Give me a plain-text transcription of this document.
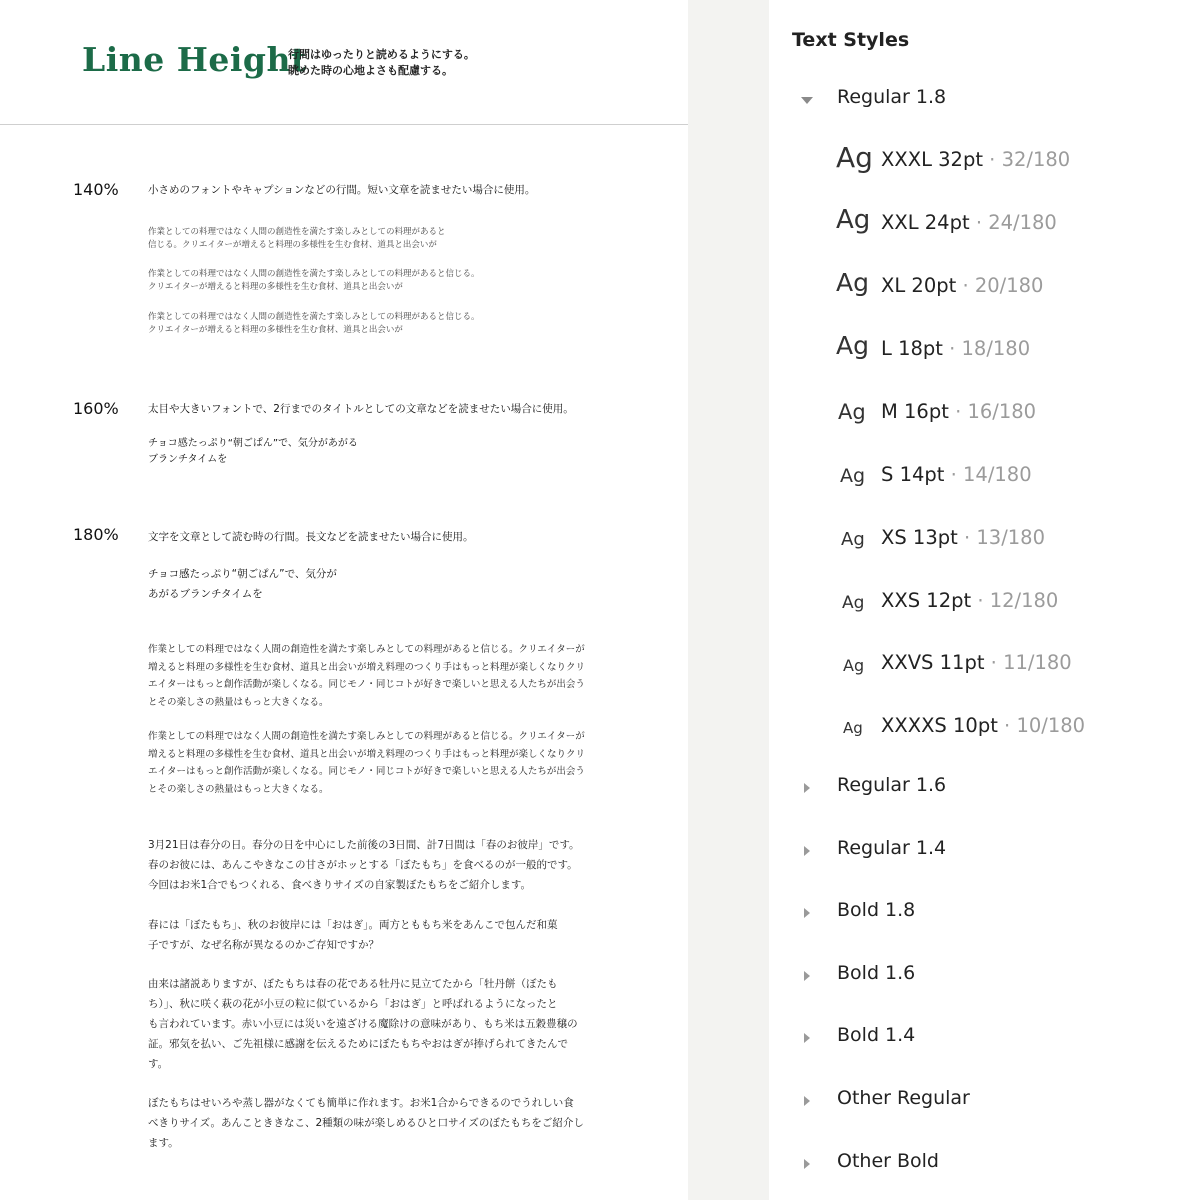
Line Height
行間はゆったりと読めるようにする。
眺めた時の心地よさも配慮する。
140%	小さめのフォントやキャプションなどの行間。短い文章を読ませたい場合に使用。
作業としての料理ではなく人間の創造性を満たす楽しみとしての料理があると
信じる。クリエイターが増えると料理の多様性を生む食材、道具と出会いが
作業としての料理ではなく人間の創造性を満たす楽しみとしての料理があると信じる。
クリエイターが増えると料理の多様性を生む食材、道具と出会いが
作業としての料理ではなく人間の創造性を満たす楽しみとしての料理があると信じる。
クリエイターが増えると料理の多様性を生む食材、道具と出会いが
160%	太目や大きいフォントで、2行までのタイトルとしての文章などを読ませたい場合に使用。
チョコ感たっぷり“朝ごぱん”で、気分があがる
ブランチタイムを
180%	文字を文章として読む時の行間。長文などを読ませたい場合に使用。
チョコ感たっぷり“朝ごぱん”で、気分が
あがるブランチタイムを
作業としての料理ではなく人間の創造性を満たす楽しみとしての料理があると信じる。クリエイターが
増えると料理の多様性を生む食材、道具と出会いが増え料理のつくり手はもっと料理が楽しくなりクリ
エイターはもっと創作活動が楽しくなる。同じモノ・同じコトが好きで楽しいと思える人たちが出会う
とその楽しさの熱量はもっと大きくなる。
作業としての料理ではなく人間の創造性を満たす楽しみとしての料理があると信じる。クリエイターが
増えると料理の多様性を生む食材、道具と出会いが増え料理のつくり手はもっと料理が楽しくなりクリ
エイターはもっと創作活動が楽しくなる。同じモノ・同じコトが好きで楽しいと思える人たちが出会う
とその楽しさの熱量はもっと大きくなる。
3月21日は春分の日。春分の日を中心にした前後の3日間、計7日間は「春のお彼岸」です。
春のお彼には、あんこやきなこの甘さがホッとする「ぼたもち」を食べるのが一般的です。
今回はお米1合でもつくれる、食べきりサイズの自家製ぼたもちをご紹介します。
春には「ぼたもち」、秋のお彼岸には「おはぎ」。両方とももち米をあんこで包んだ和菓
子ですが、なぜ名称が異なるのかご存知ですか？
由来は諸説ありますが、ぼたもちは春の花である牡丹に見立てたから「牡丹餅（ぼたも
ち）」、秋に咲く萩の花が小豆の粒に似ているから「おはぎ」と呼ばれるようになったと
も言われています。赤い小豆には災いを遠ざける魔除けの意味があり、もち米は五穀豊穣の
証。邪気を払い、ご先祖様に感謝を伝えるためにぼたもちやおはぎが捧げられてきたんで
す。
ぼたもちはせいろや蒸し器がなくても簡単に作れます。お米1合からできるのでうれしい食
べきりサイズ。あんことききなこ、2種類の味が楽しめるひと口サイズのぼたもちをご紹介し
ます。
Text Styles
Regular 1.8
Ag XXXL 32pt · 32/180
Ag XXL 24pt · 24/180
Ag XL 20pt · 20/180
Ag L 18pt · 18/180
Ag M 16pt · 16/180
Ag S 14pt · 14/180
Ag XS 13pt · 13/180
Ag XXS 12pt · 12/180
Ag XXVS 11pt · 11/180
Ag XXXXS 10pt · 10/180
Regular 1.6
Regular 1.4
Bold 1.8
Bold 1.6
Bold 1.4
Other Regular
Other Bold
